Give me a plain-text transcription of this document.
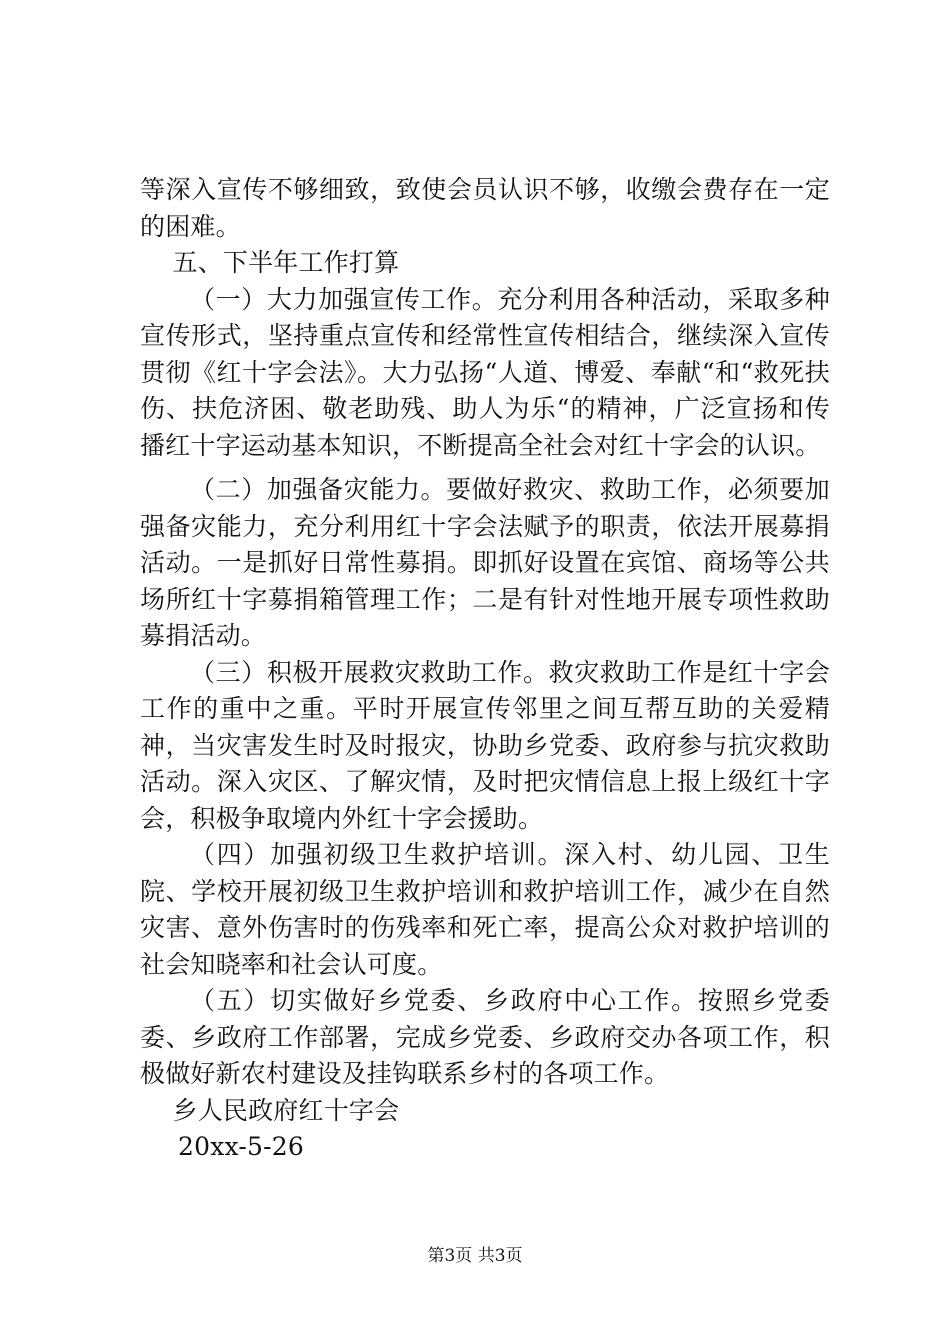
等深入宣传不够细致，致使会员认识不够，收缴会费存在一定的困难。

五、下半年工作打算

（一）大力加强宣传工作。充分利用各种活动，采取多种宣传形式，坚持重点宣传和经常性宣传相结合，继续深入宣传贯彻《红十字会法》。大力弘扬“人道、博爱、奉献“和“救死扶伤、扶危济困、敬老助残、助人为乐“的精神，广泛宣扬和传播红十字运动基本知识，不断提高全社会对红十字会的认识。

（二）加强备灾能力。要做好救灾、救助工作，必须要加强备灾能力，充分利用红十字会法赋予的职责，依法开展募捐活动。一是抓好日常性募捐。即抓好设置在宾馆、商场等公共场所红十字募捐箱管理工作；二是有针对性地开展专项性救助募捐活动。

（三）积极开展救灾救助工作。救灾救助工作是红十字会工作的重中之重。平时开展宣传邻里之间互帮互助的关爱精神，当灾害发生时及时报灾，协助乡党委、政府参与抗灾救助活动。深入灾区、了解灾情，及时把灾情信息上报上级红十字会，积极争取境内外红十字会援助。

（四）加强初级卫生救护培训。深入村、幼儿园、卫生院、学校开展初级卫生救护培训和救护培训工作，减少在自然灾害、意外伤害时的伤残率和死亡率，提高公众对救护培训的社会知晓率和社会认可度。

（五）切实做好乡党委、乡政府中心工作。按照乡党委委、乡政府工作部署，完成乡党委、乡政府交办各项工作，积极做好新农村建设及挂钩联系乡村的各项工作。

乡人民政府红十字会

20xx-5-26

第3页 共3页
